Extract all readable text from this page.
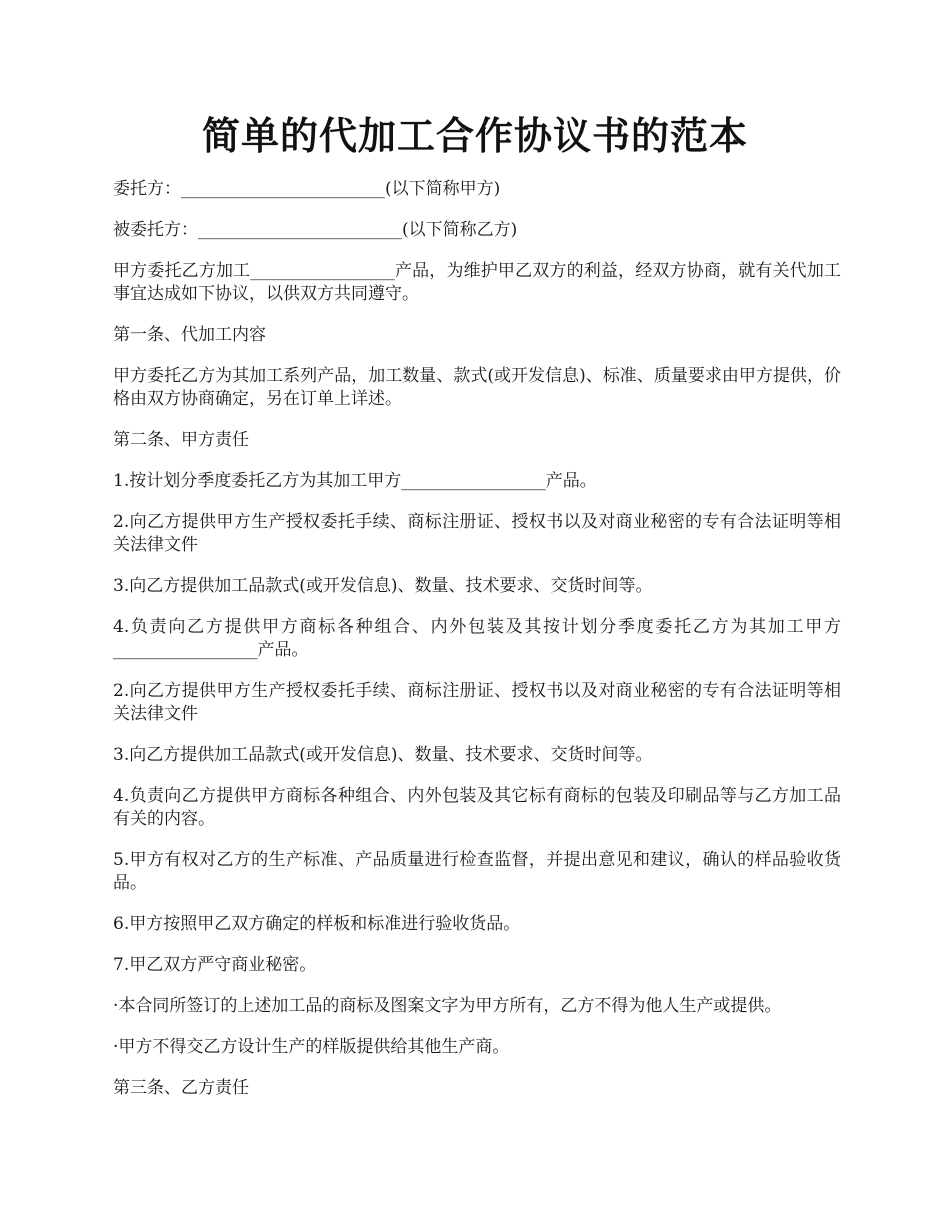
简单的代加工合作协议书的范本

委托方：________________________(以下简称甲方)

被委托方：________________________(以下简称乙方)

甲方委托乙方加工_________________产品，为维护甲乙双方的利益，经双方协商，就有关代加工事宜达成如下协议，以供双方共同遵守。

第一条、代加工内容

甲方委托乙方为其加工系列产品，加工数量、款式(或开发信息)、标准、质量要求由甲方提供，价格由双方协商确定，另在订单上详述。

第二条、甲方责任

1.按计划分季度委托乙方为其加工甲方_________________产品。

2.向乙方提供甲方生产授权委托手续、商标注册证、授权书以及对商业秘密的专有合法证明等相关法律文件

3.向乙方提供加工品款式(或开发信息)、数量、技术要求、交货时间等。

4.负责向乙方提供甲方商标各种组合、内外包装及其按计划分季度委托乙方为其加工甲方_________________产品。

2.向乙方提供甲方生产授权委托手续、商标注册证、授权书以及对商业秘密的专有合法证明等相关法律文件

3.向乙方提供加工品款式(或开发信息)、数量、技术要求、交货时间等。

4.负责向乙方提供甲方商标各种组合、内外包装及其它标有商标的包装及印刷品等与乙方加工品有关的内容。

5.甲方有权对乙方的生产标准、产品质量进行检查监督，并提出意见和建议，确认的样品验收货品。

6.甲方按照甲乙双方确定的样板和标准进行验收货品。

7.甲乙双方严守商业秘密。

·本合同所签订的上述加工品的商标及图案文字为甲方所有，乙方不得为他人生产或提供。

·甲方不得交乙方设计生产的样版提供给其他生产商。

第三条、乙方责任
